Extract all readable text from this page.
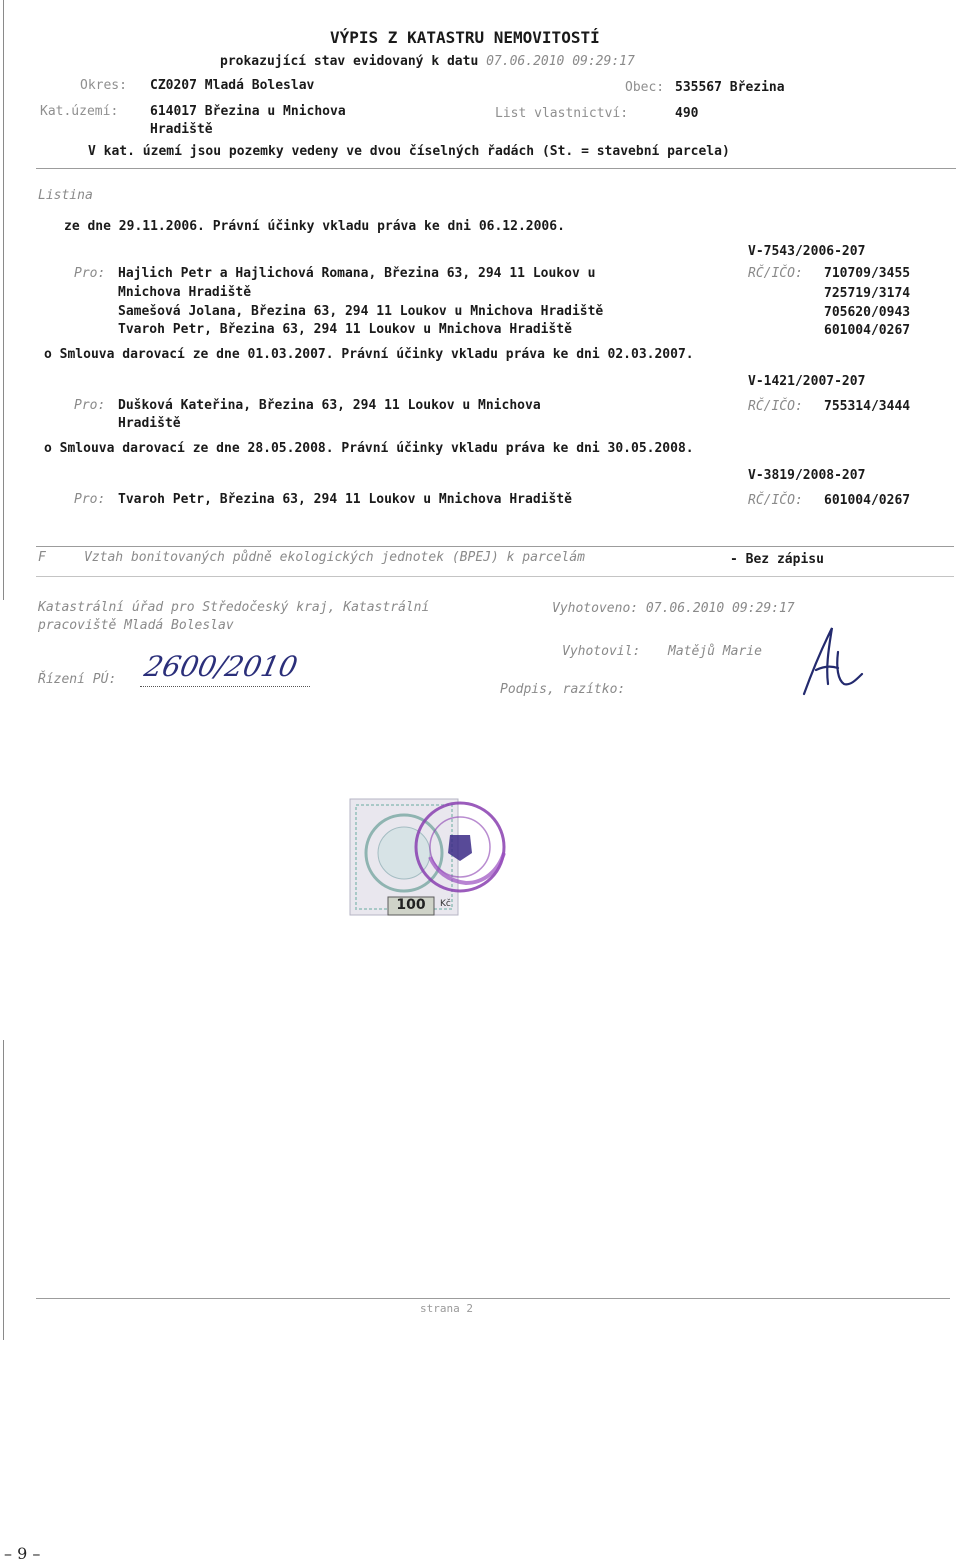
VÝPIS Z KATASTRU NEMOVITOSTÍ
prokazující stav evidovaný k datu 07.06.2010 09:29:17
Okres: CZ0207 Mladá Boleslav	Obec: 535567 Březina
Kat.území: 614017 Březina u Mnichova
Hradiště
List vlastnictví:	490
V kat. území jsou pozemky vedeny ve dvou číselných řadách (St. = stavební parcela)
Listina
ze dne 29.11.2006. Právní účinky vkladu práva ke dni 06.12.2006.
V-7543/2006-207
Pro:	RČ/IČO:
Hajlich Petr a Hajlichová Romana, Březina 63, 294 11 Loukov u	710709/3455
Mnichova Hradiště	725719/3174
Samešová Jolana, Březina 63, 294 11 Loukov u Mnichova Hradiště	705620/0943
Tvaroh Petr, Březina 63, 294 11 Loukov u Mnichova Hradiště	601004/0267
o Smlouva darovací ze dne 01.03.2007. Právní účinky vkladu práva ke dni 02.03.2007.
V-1421/2007-207
Pro: Dušková Kateřina, Březina 63, 294 11 Loukov u Mnichova
Hradiště
RČ/IČO: 755314/3444
o Smlouva darovací ze dne 28.05.2008. Právní účinky vkladu práva ke dni 30.05.2008.
V-3819/2008-207
Pro: Tvaroh Petr, Březina 63, 294 11 Loukov u Mnichova Hradiště	RČ/IČO: 601004/0267
F	Vztah bonitovaných půdně ekologických jednotek (BPEJ) k parcelám	- Bez zápisu
Katastrální úřad pro Středočeský kraj, Katastrální
pracoviště Mladá Boleslav
Vyhotoveno: 07.06.2010 09:29:17
Vyhotovil: Matějů Marie
Řízení PÚ: 2600/2010
Podpis, razítko:
100	Kč
strana 2
– 9 –
